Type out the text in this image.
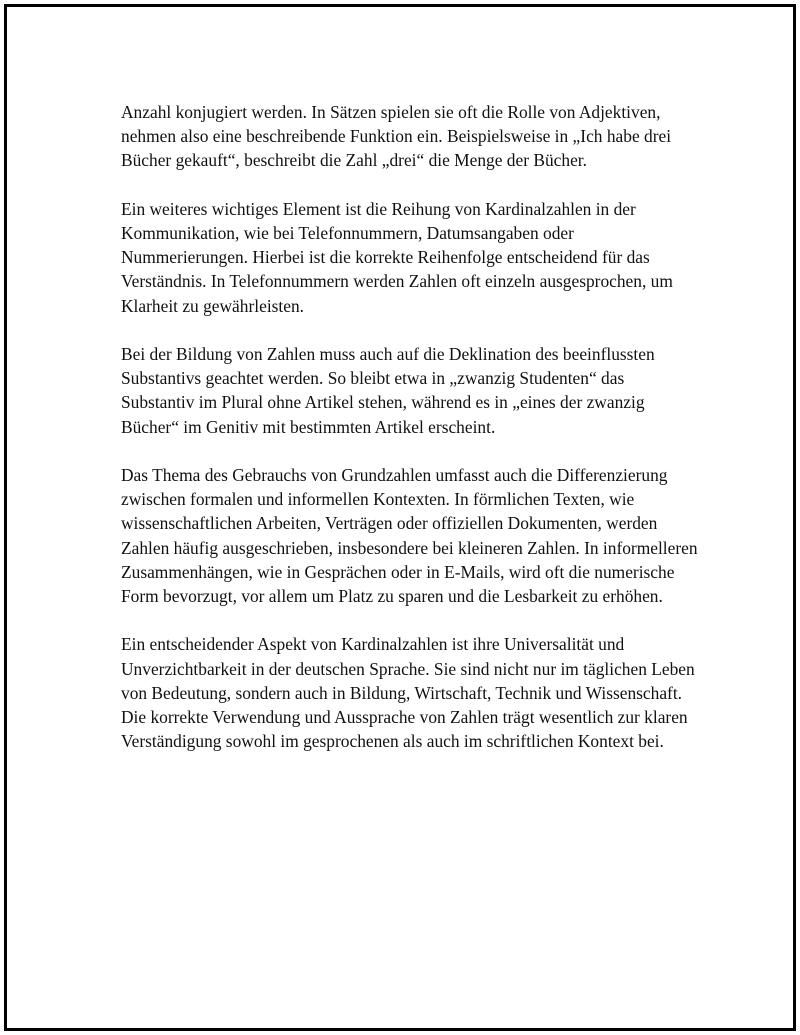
Anzahl konjugiert werden. In Sätzen spielen sie oft die Rolle von Adjektiven, nehmen also eine beschreibende Funktion ein. Beispielsweise in „Ich habe drei Bücher gekauft“, beschreibt die Zahl „drei“ die Menge der Bücher.

Ein weiteres wichtiges Element ist die Reihung von Kardinalzahlen in der Kommunikation, wie bei Telefonnummern, Datumsangaben oder Nummerierungen. Hierbei ist die korrekte Reihenfolge entscheidend für das Verständnis. In Telefonnummern werden Zahlen oft einzeln ausgesprochen, um Klarheit zu gewährleisten.

Bei der Bildung von Zahlen muss auch auf die Deklination des beeinflussten Substantivs geachtet werden. So bleibt etwa in „zwanzig Studenten“ das Substantiv im Plural ohne Artikel stehen, während es in „eines der zwanzig Bücher“ im Genitiv mit bestimmten Artikel erscheint.

Das Thema des Gebrauchs von Grundzahlen umfasst auch die Differenzierung zwischen formalen und informellen Kontexten. In förmlichen Texten, wie wissenschaftlichen Arbeiten, Verträgen oder offiziellen Dokumenten, werden Zahlen häufig ausgeschrieben, insbesondere bei kleineren Zahlen. In informelleren Zusammenhängen, wie in Gesprächen oder in E-Mails, wird oft die numerische Form bevorzugt, vor allem um Platz zu sparen und die Lesbarkeit zu erhöhen.

Ein entscheidender Aspekt von Kardinalzahlen ist ihre Universalität und Unverzichtbarkeit in der deutschen Sprache. Sie sind nicht nur im täglichen Leben von Bedeutung, sondern auch in Bildung, Wirtschaft, Technik und Wissenschaft. Die korrekte Verwendung und Aussprache von Zahlen trägt wesentlich zur klaren Verständigung sowohl im gesprochenen als auch im schriftlichen Kontext bei.
